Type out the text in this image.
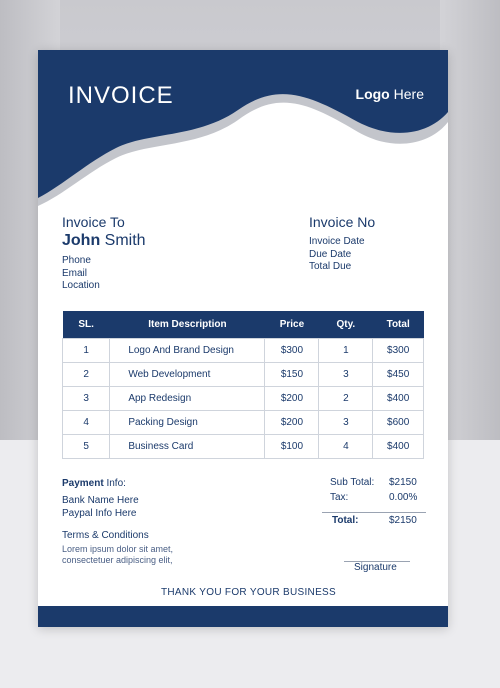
INVOICE	Logo Here
Invoice To
John Smith
Phone
Email
Location
Invoice No
Invoice Date
Due Date
Total Due
SL.	Item Description	Price	Qty.	Total
1	Logo And Brand Design	$300	1	$300
2	Web Development	$150	3	$450
3	App Redesign	$200	2	$400
4	Packing Design	$200	3	$600
5	Business Card	$100	4	$400
Payment Info:
Bank Name Here
Paypal Info Here
Terms & Conditions
Lorem ipsum dolor sit amet,
consectetuer adipiscing elit,
Sub Total: $2150
Tax:	0.00%
Total:	$2150
Signature
THANK YOU FOR YOUR BUSINESS
